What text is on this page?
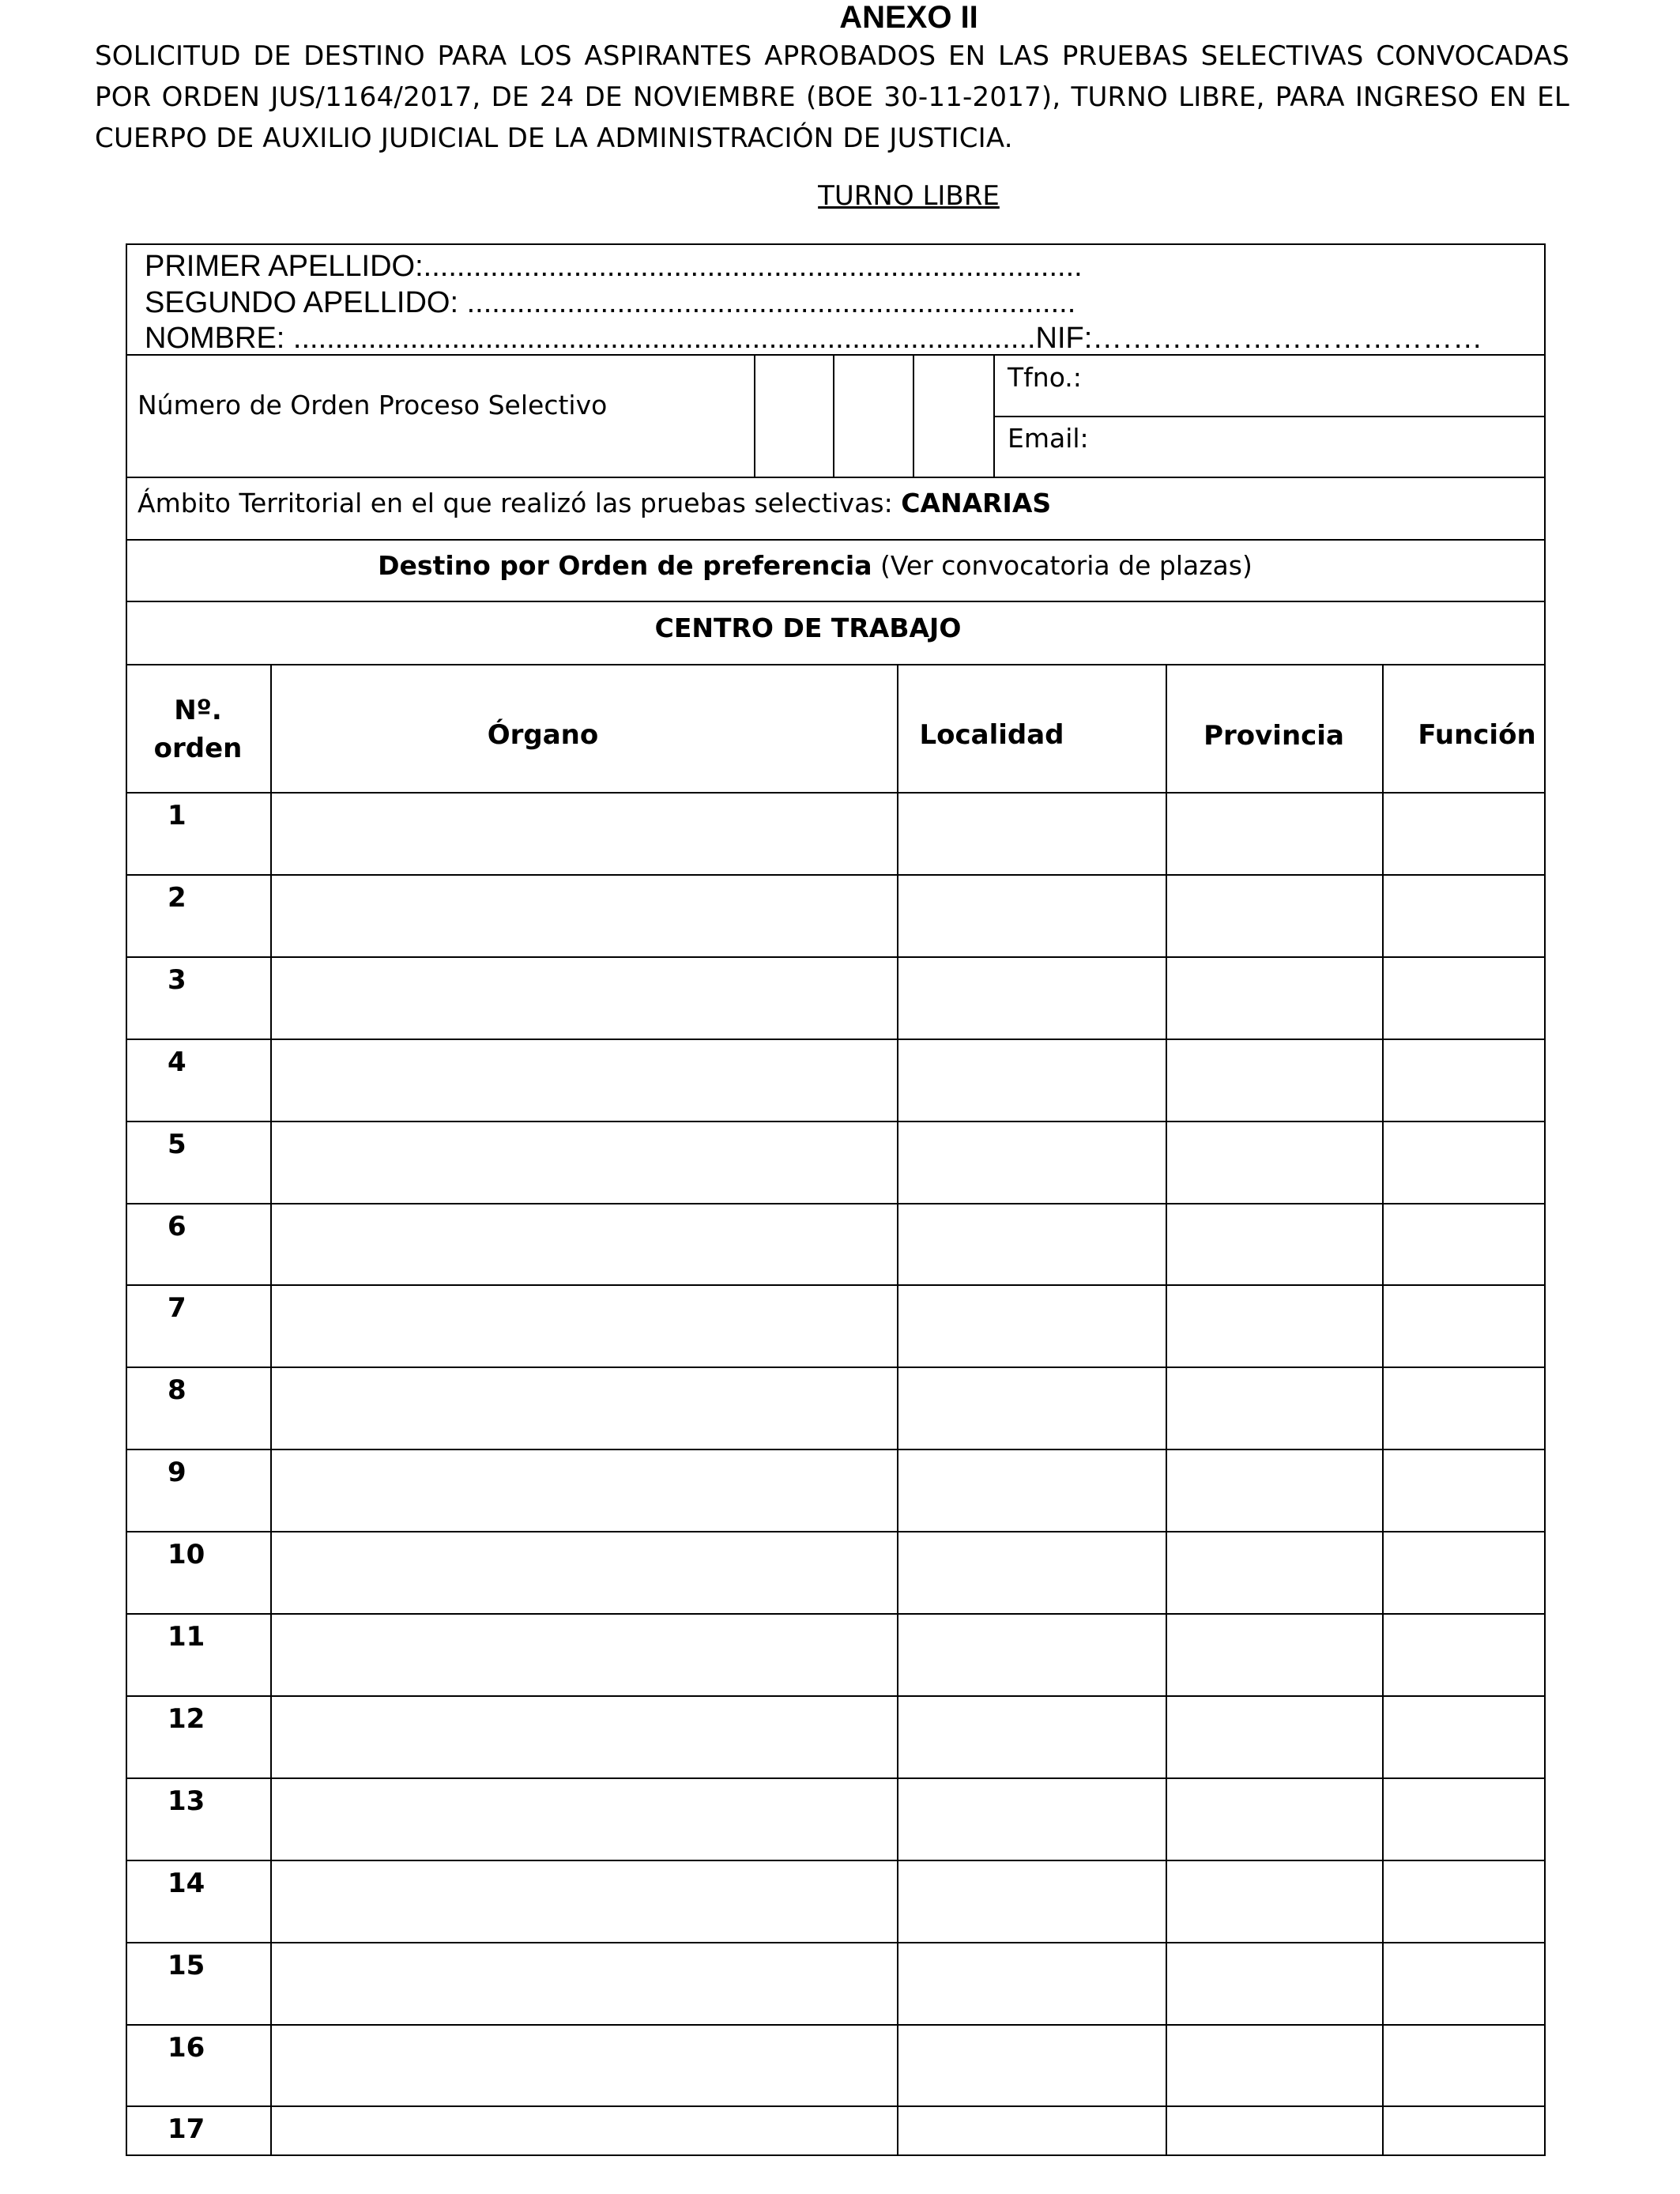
ANEXO II
SOLICITUD DE DESTINO PARA LOS ASPIRANTES APROBADOS EN LAS PRUEBAS SELECTIVAS CONVOCADAS POR ORDEN JUS/1164/2017, DE 24 DE NOVIEMBRE (BOE 30-11-2017), TURNO LIBRE, PARA INGRESO EN EL CUERPO DE AUXILIO JUDICIAL DE LA ADMINISTRACIÓN DE JUSTICIA.
TURNO LIBRE
PRIMER APELLIDO:...............................................................................
SEGUNDO APELLIDO: .........................................................................
NOMBRE: .........................................................................................NIF:…………………………………
Número de Orden Proceso Selectivo
Tfno.:
Email:
Ámbito Territorial en el que realizó las pruebas selectivas: CANARIAS
Destino por Orden de preferencia (Ver convocatoria de plazas)
CENTRO DE TRABAJO
Nº.
orden	Órgano	Localidad	Provincia	Función
1
2
3
4
5
6
7
8
9
10
11
12
13
14
15
16
17
